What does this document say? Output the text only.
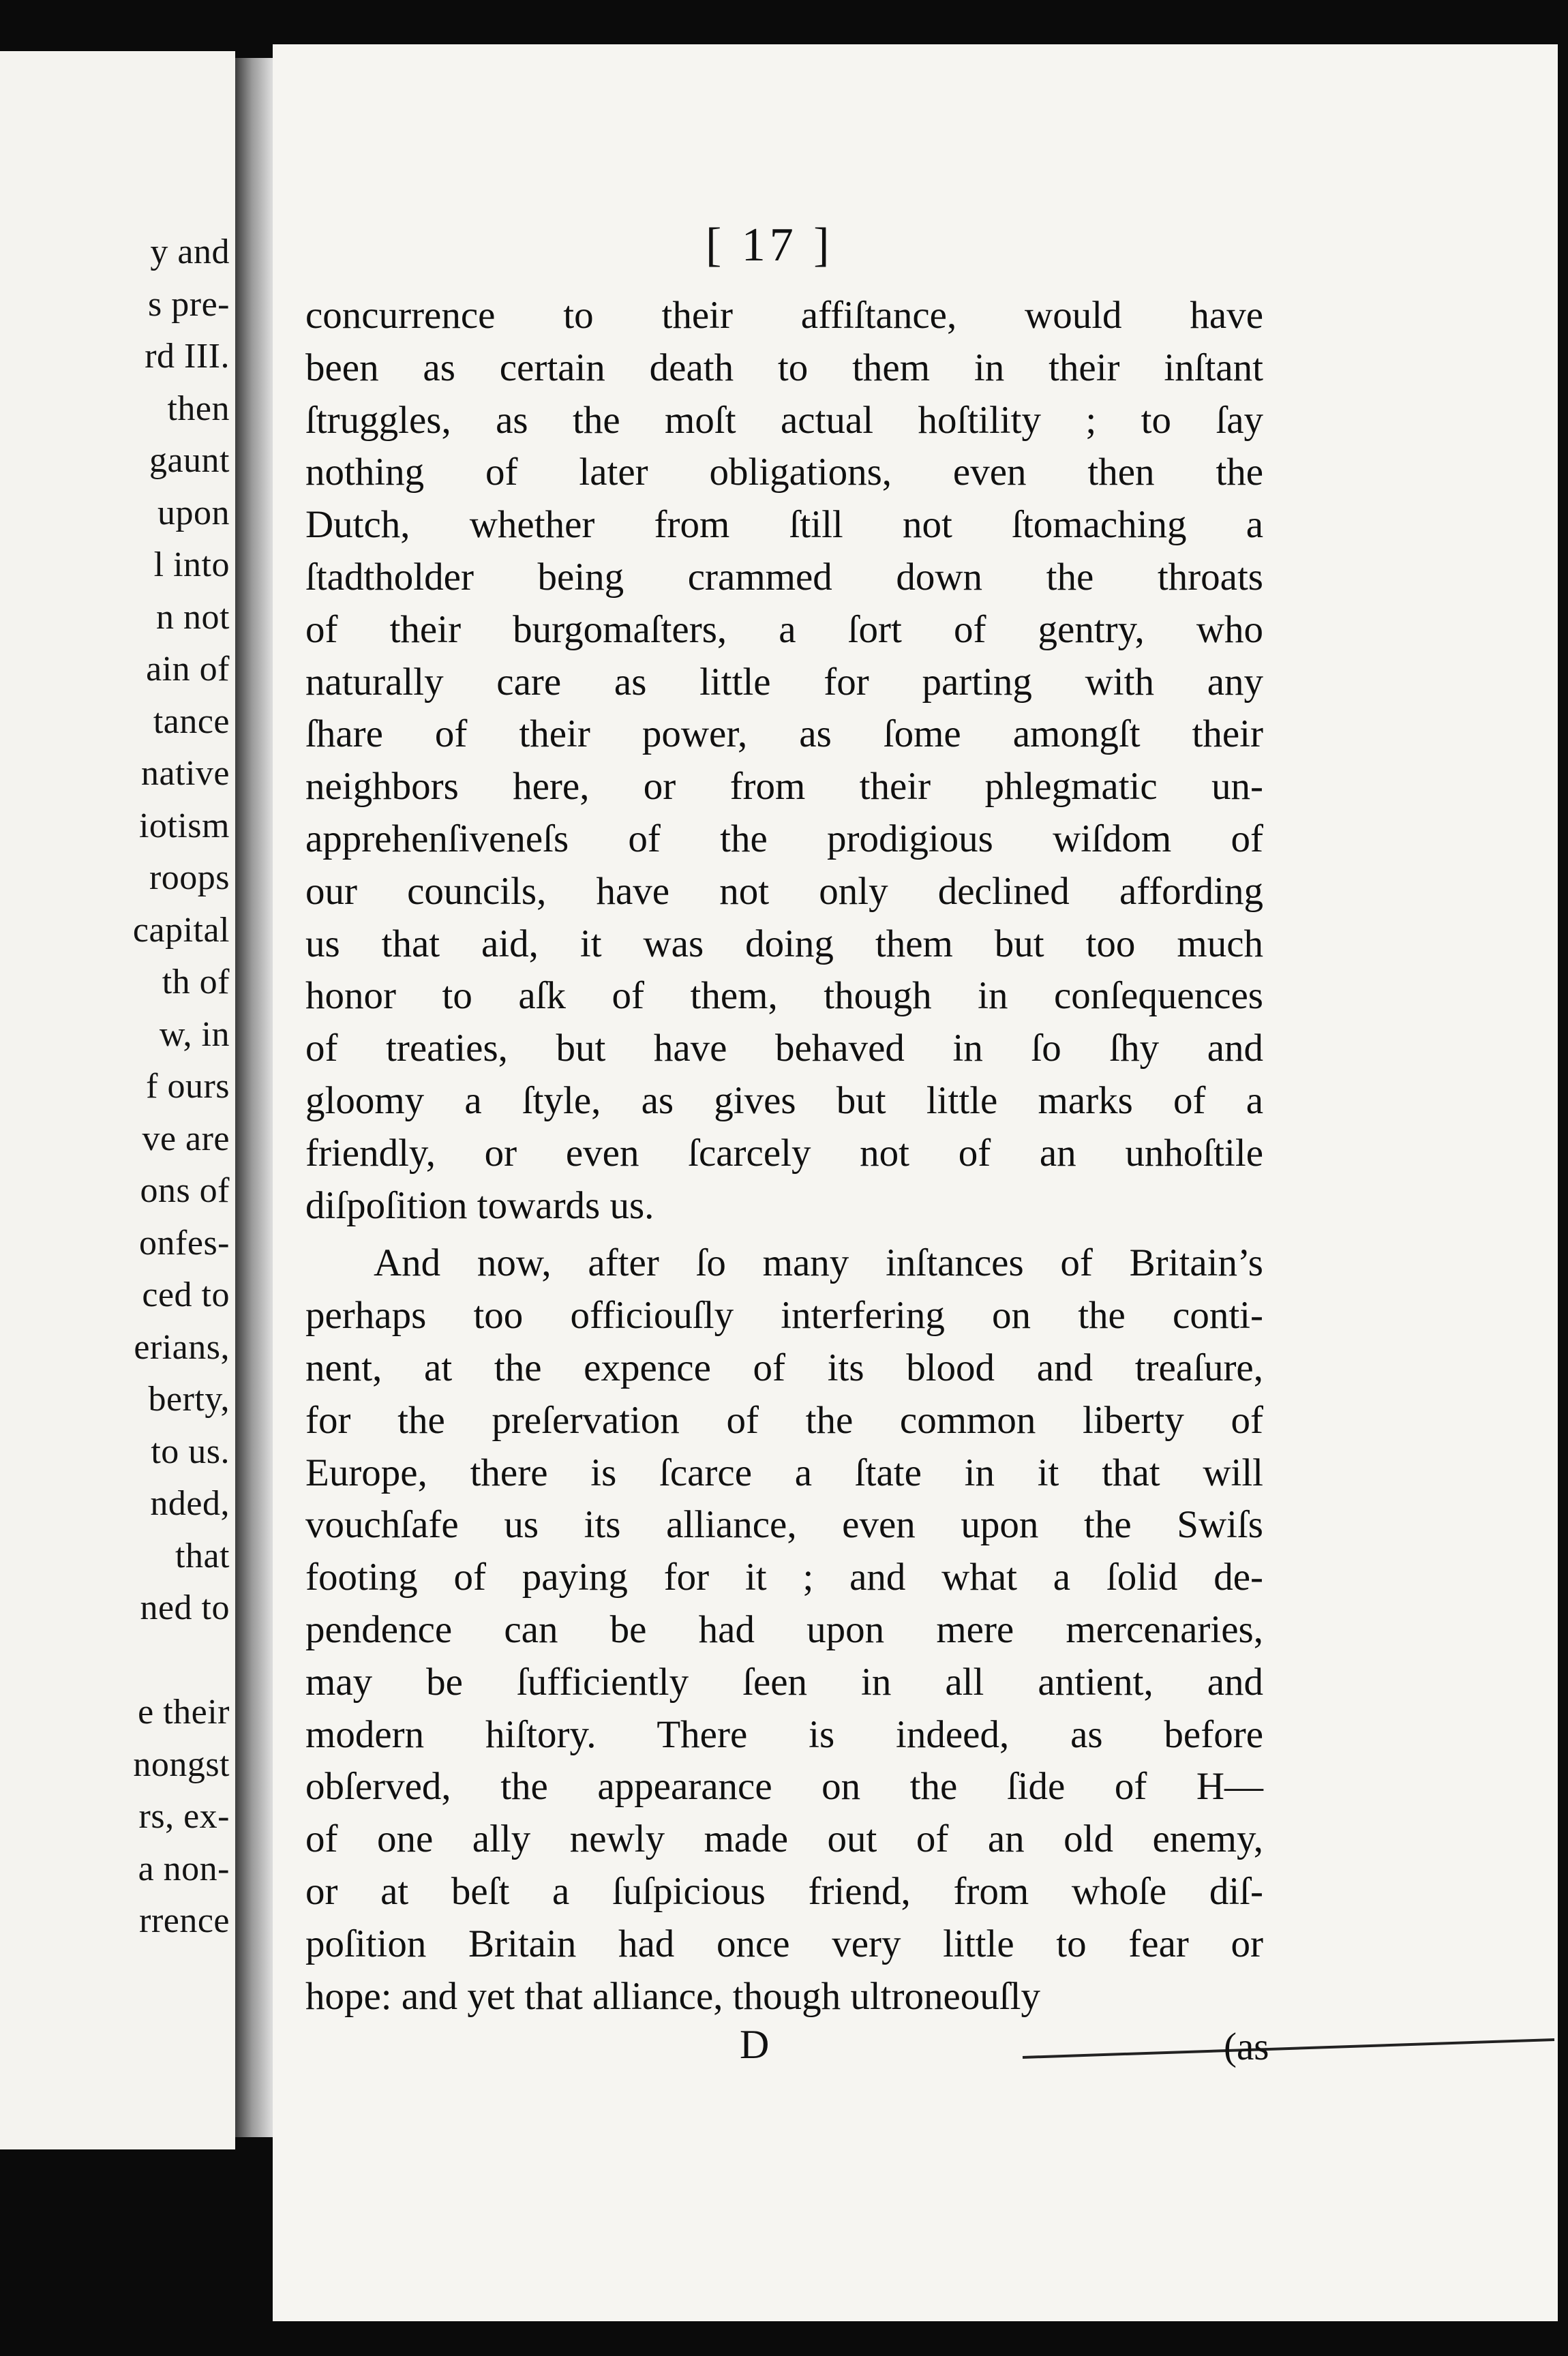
y and
s pre-
rd III.
then
gaunt
upon
l into
n not
ain of
tance
native
iotism
roops
capital
th of
w, in
f ours
ve are
ons of
onfes-
ced to
erians,
berty,
to us.
nded,
that
ned to
e their
nongst
rs, ex-
a non-
rrence
[ 17 ]
concurrence to their affiſtance, would have
been as certain death to them in their inſtant
ſtruggles, as the moſt actual hoſtility ; to ſay
nothing of later obligations, even then the
Dutch, whether from ſtill not ſtomaching a
ſtadtholder being crammed down the throats
of their burgomaſters, a ſort of gentry, who
naturally care as little for parting with any
ſhare of their power, as ſome amongſt their
neighbors here, or from their phlegmatic un-
apprehenſiveneſs of the prodigious wiſdom of
our councils, have not only declined affording
us that aid, it was doing them but too much
honor to aſk of them, though in conſequences
of treaties, but have behaved in ſo ſhy and
gloomy a ſtyle, as gives but little marks of a
friendly, or even ſcarcely not of an unhoſtile
diſpoſition towards us.
And now, after ſo many inſtances of Britain’s
perhaps too officiouſly interfering on the conti-
nent, at the expence of its blood and treaſure,
for the preſervation of the common liberty of
Europe, there is ſcarce a ſtate in it that will
vouchſafe us its alliance, even upon the Swiſs
footing of paying for it ; and what a ſolid de-
pendence can be had upon mere mercenaries,
may be ſufficiently ſeen in all antient, and
modern hiſtory. There is indeed, as before
obſerved, the appearance on the ſide of H—
of one ally newly made out of an old enemy,
or at beſt a ſuſpicious friend, from whoſe diſ-
poſition Britain had once very little to fear or
hope: and yet that alliance, though ultroneouſly
D	(as
